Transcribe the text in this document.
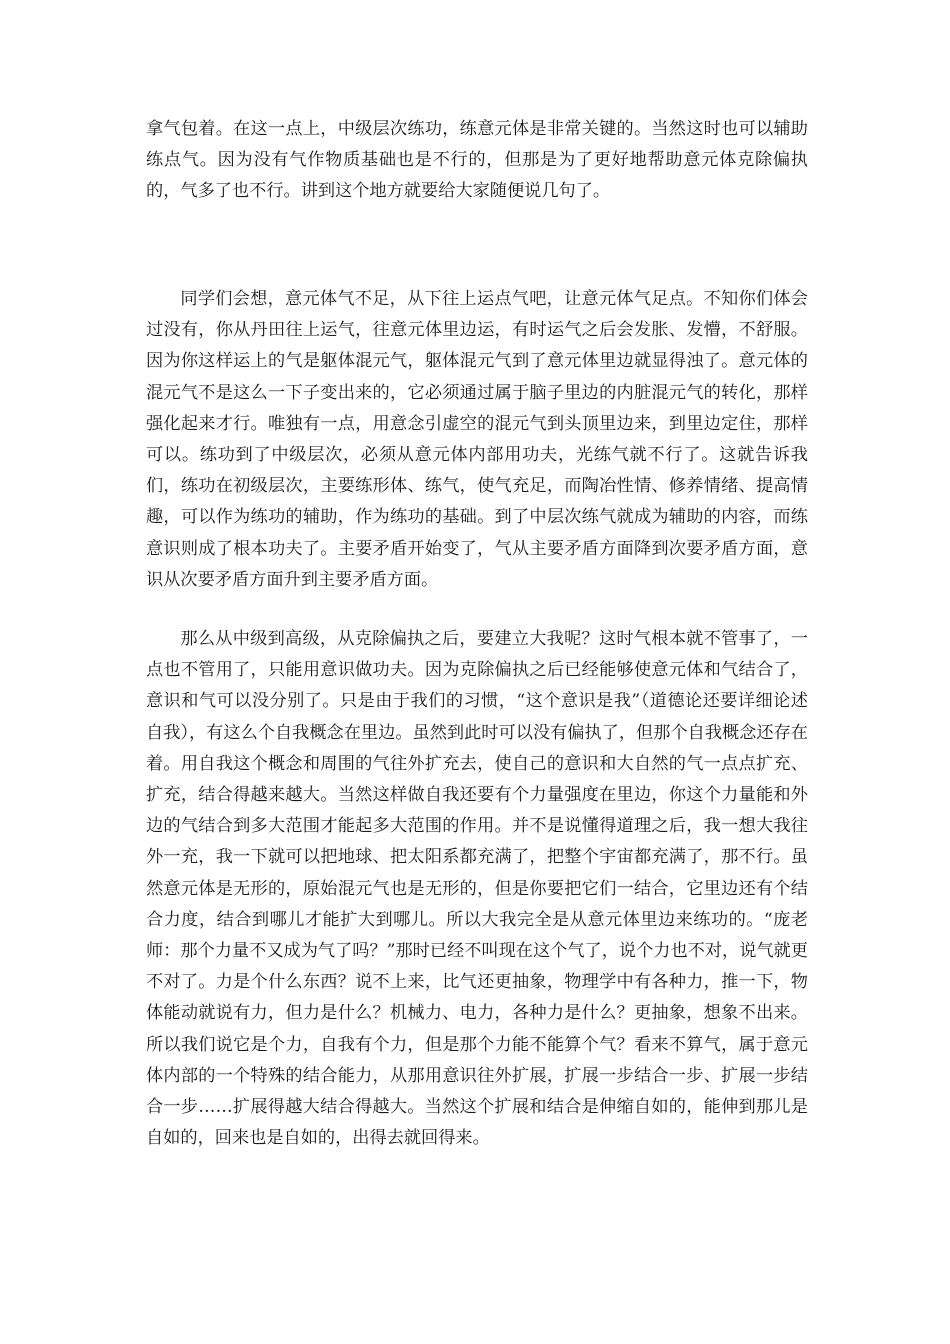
拿气包着。在这一点上，中级层次练功，练意元体是非常关键的。当然这时也可以辅助练点气。因为没有气作物质基础也是不行的，但那是为了更好地帮助意元体克除偏执的，气多了也不行。讲到这个地方就要给大家随便说几句了。

同学们会想，意元体气不足，从下往上运点气吧，让意元体气足点。不知你们体会过没有，你从丹田往上运气，往意元体里边运，有时运气之后会发胀、发懵，不舒服。因为你这样运上的气是躯体混元气，躯体混元气到了意元体里边就显得浊了。意元体的混元气不是这么一下子变出来的，它必须通过属于脑子里边的内脏混元气的转化，那样强化起来才行。唯独有一点，用意念引虚空的混元气到头顶里边来，到里边定住，那样可以。练功到了中级层次，必须从意元体内部用功夫，光练气就不行了。这就告诉我们，练功在初级层次，主要练形体、练气，使气充足，而陶冶性情、修养情绪、提高情趣，可以作为练功的辅助，作为练功的基础。到了中层次练气就成为辅助的内容，而练意识则成了根本功夫了。主要矛盾开始变了，气从主要矛盾方面降到次要矛盾方面，意识从次要矛盾方面升到主要矛盾方面。

那么从中级到高级，从克除偏执之后，要建立大我呢？这时气根本就不管事了，一点也不管用了，只能用意识做功夫。因为克除偏执之后已经能够使意元体和气结合了，意识和气可以没分别了。只是由于我们的习惯，“这个意识是我”（道德论还要详细论述自我），有这么个自我概念在里边。虽然到此时可以没有偏执了，但那个自我概念还存在着。用自我这个概念和周围的气往外扩充去，使自己的意识和大自然的气一点点扩充、扩充，结合得越来越大。当然这样做自我还要有个力量强度在里边，你这个力量能和外边的气结合到多大范围才能起多大范围的作用。并不是说懂得道理之后，我一想大我往外一充，我一下就可以把地球、把太阳系都充满了，把整个宇宙都充满了，那不行。虽然意元体是无形的，原始混元气也是无形的，但是你要把它们一结合，它里边还有个结合力度，结合到哪儿才能扩大到哪儿。所以大我完全是从意元体里边来练功的。“庞老师：那个力量不又成为气了吗？”那时已经不叫现在这个气了，说个力也不对，说气就更不对了。力是个什么东西？说不上来，比气还更抽象，物理学中有各种力，推一下，物体能动就说有力，但力是什么？机械力、电力，各种力是什么？更抽象，想象不出来。所以我们说它是个力，自我有个力，但是那个力能不能算个气？看来不算气，属于意元体内部的一个特殊的结合能力，从那用意识往外扩展，扩展一步结合一步、扩展一步结合一步……扩展得越大结合得越大。当然这个扩展和结合是伸缩自如的，能伸到那儿是自如的，回来也是自如的，出得去就回得来。
